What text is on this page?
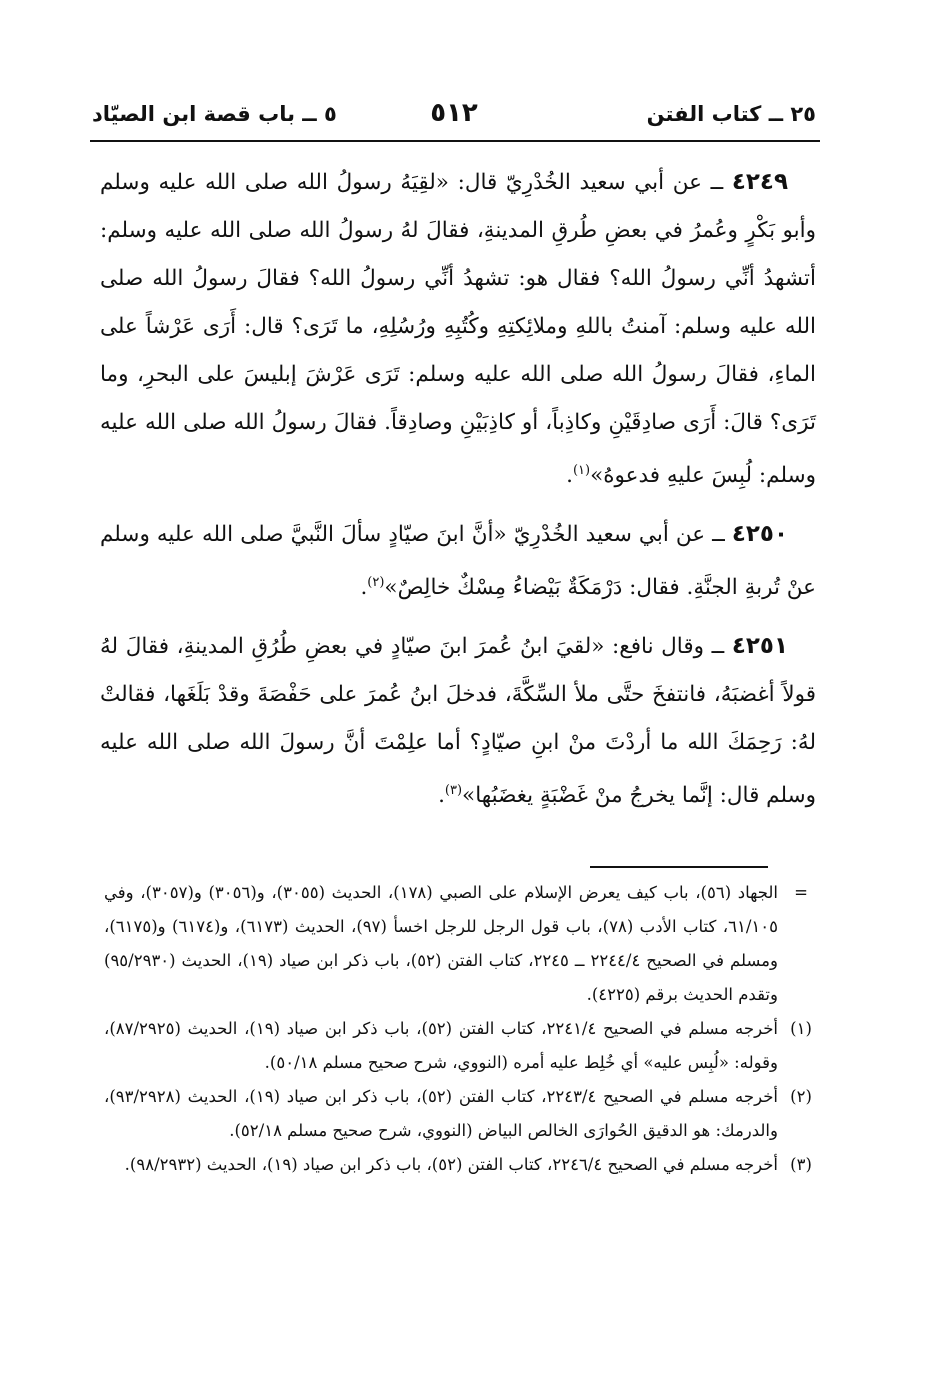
٢٥ ــ كتاب الفتن
٥١٢
٥ ــ باب قصة ابن الصيّاد

٤٢٤٩ ــ عن أبي سعيد الخُدْرِيّ قال: «لقِيَهُ رسولُ الله صلى الله عليه وسلم وأبو بَكْرٍ وعُمرُ في بعضِ طُرقِ المدينةِ، فقالَ لهُ رسولُ الله صلى الله عليه وسلم: أتشهدُ أنِّي رسولُ الله؟ فقال هو: تشهدُ أنِّي رسولُ الله؟ فقالَ رسولُ الله صلى الله عليه وسلم: آمنتُ باللهِ وملائِكتِهِ وكُتُبِهِ ورُسُلِهِ، ما تَرَى؟ قال: أَرَى عَرْشاً على الماءِ، فقالَ رسولُ الله صلى الله عليه وسلم: تَرَى عَرْشَ إبليسَ على البحرِ، وما تَرَى؟ قالَ: أَرَى صادِقَيْنِ وكاذِباً، أو كاذِبَيْنِ وصادِقاً. فقالَ رسولُ الله صلى الله عليه وسلم: لُبِسَ عليهِ فدعوهُ»$^{(١)}$.

٤٢٥٠ ــ عن أبي سعيد الخُدْرِيّ «أنَّ ابنَ صيّادٍ سألَ النَّبيَّ صلى الله عليه وسلم عنْ تُربةِ الجنَّةِ. فقال: دَرْمَكَةٌ بَيْضاءُ مِسْكٌ خالِصٌ»$^{(٢)}$.

٤٢٥١ ــ وقال نافع: «لقيَ ابنُ عُمرَ ابنَ صيّادٍ في بعضِ طُرُقِ المدينةِ، فقالَ لهُ قولاً أغضبَهُ، فانتفخَ حتَّى ملأ السِّكَّةَ، فدخلَ ابنُ عُمرَ على حَفْصَةَ وقدْ بَلَغَها، فقالتْ لهُ: رَحِمَكَ الله ما أردْتَ منْ ابنِ صيّادٍ؟ أما علِمْتَ أنَّ رسولَ الله صلى الله عليه وسلم قال: إنَّما يخرجُ منْ غَضْبَةٍ يغضَبُها»$^{(٣)}$.

=
الجهاد (٥٦)، باب كيف يعرض الإسلام على الصبي (١٧٨)، الحديث (٣٠٥٥)، و(٣٠٥٦) و(٣٠٥٧)، وفي ٦١/١٠٥، كتاب الأدب (٧٨)، باب قول الرجل للرجل اخسأ (٩٧)، الحديث (٦١٧٣)، و(٦١٧٤) و(٦١٧٥)، ومسلم في الصحيح ٢٢٤٤/٤ ــ ٢٢٤٥، كتاب الفتن (٥٢)، باب ذكر ابن صياد (١٩)، الحديث (٩٥/٢٩٣٠) وتقدم الحديث برقم (٤٢٢٥).

(١)
أخرجه مسلم في الصحيح ٢٢٤١/٤، كتاب الفتن (٥٢)، باب ذكر ابن صياد (١٩)، الحديث (٨٧/٢٩٢٥)، وقوله: «لُبِس عليه» أي خُلِط عليه أمره (النووي، شرح صحيح مسلم ٥٠/١٨).

(٢)
أخرجه مسلم في الصحيح ٢٢٤٣/٤، كتاب الفتن (٥٢)، باب ذكر ابن صياد (١٩)، الحديث (٩٣/٢٩٢٨)، والدرمك: هو الدقيق الحُوارَى الخالص البياض (النووي، شرح صحيح مسلم ٥٢/١٨).

(٣)
أخرجه مسلم في الصحيح ٢٢٤٦/٤، كتاب الفتن (٥٢)، باب ذكر ابن صياد (١٩)، الحديث (٩٨/٢٩٣٢).
